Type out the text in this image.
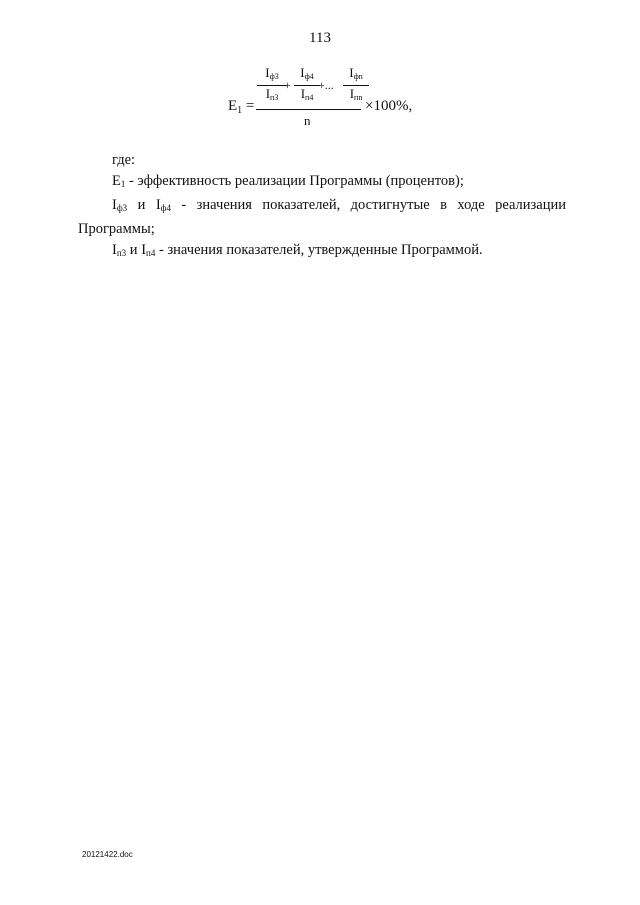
113
$E_1$ =
$I_{ф3}$
$I_{п3}$
+
$I_{ф4}$
$I_{п4}$
+...
$I_{фn}$
$I_{пn}$
n
×100%,

где:

$E_1$ - эффективность реализации Программы (процентов);

$I_{ф3}$ и $I_{ф4}$ - значения показателей, достигнутые в ходе реализации Программы;

$I_{п3}$ и $I_{п4}$ - значения показателей, утвержденные Программой.

20121422.doc
